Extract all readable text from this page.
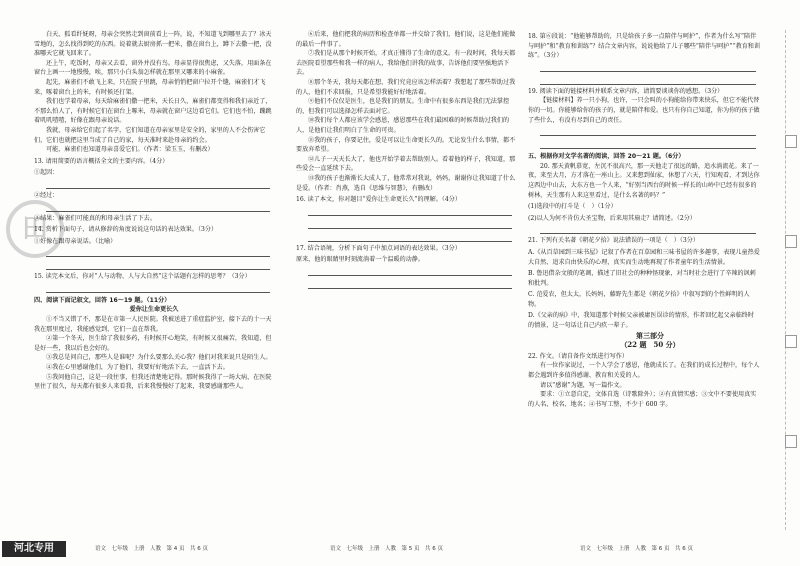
田

白天，狐看纤妩呀，母亲会突然走到窗前看上一阵，说，不知道飞到哪里去了？冰天雪地的，怎么找得到吃的东西。说着就去厨房抓一把米，撒在窗台上，蹲下去撒一把，没准哪天它就飞回来了。

还上午，吃饭时，母亲又去看，窗外并没有鸟。母亲显得很焦虑，又失落，用面条在窗台上画一一地慢慢，唉，那只小白头翁怎样就在那里又哪来的小麻雀。

起先，麻雀们不敢飞上来，只在院子里跳，母亲悄悄把窗户拉开个缝，麻雀们才飞来，啄着窗台上的米，有时候还打架。

我们也学着母亲，每天给麻雀们撒一把米，天长日久，麻雀们都变得和我们亲近了，不那么怕人了，有时候它们在窗台上啄米，母亲就在窗户这边看它们。它们也不怕，蹦跳着叽叽喳喳，好像在跟母亲说话。

我就，母亲给它们起了名字，它们知道在母亲家里是安全的，家里的人不会伤害它们，它们也就把这里当成了自己的家，每天准时来赴母亲的约会。

可能，麻雀们也知道母亲喜爱它们。（作者：梁玉玉，有删改）

13. 请用简要的语言概括全文的主要内容。（4分）

①起因：

②经过：

③结果：麻雀们可能真的和母亲生活了下去。

14. 赏析下面句子，请从修辞的角度说说这句话的表达效果。（3分）

①好像在跟母亲说话。（比喻）

15. 读完本文后，你对“人与动物、人与大自然”这个话题有怎样的思考？（3分）

四、阅读下面记叙文，回答 16～19 题。（11分）

爱你让生命更长久

①不当又错了不，那是在市第一人民医院。我被送进了重症监护室，接下去的十一天我在那里度过，我能感觉到，它们一直在帮我。

②第一个冬天，医生给了我很多药，有时候开心地笑，有时候又很痛苦，我知道，但是好一些，我以后也会好的。

③我总是问自己，那些人是谁呢？为什么要那么关心我？他们对我来说只是陌生人。

④我在心里感谢他们，为了他们，我要好好地活下去，一直活下去。

⑤我问他自己，这是一段往事，但我还清楚地记得。那时候我得了一场大病，在医院里住了很久，每天都有很多人来看我，后来我慢慢好了起来，我要感谢那些人。

⑥后来，他们把我的病历和检查单都一并交给了我们，他们说，这是他们能做的最后一件事了。

⑦我们是从那个时候开始，才真正懂得了生命的意义。有一段时间，我每天都去医院看望那些和我一样的病人，我给他们讲我的故事，告诉他们要坚强地活下去。

⑧那个冬天，我每天都在想，我们究竟应该怎样活着？我想起了那些帮助过我的人，他们不求回报，只是希望我能好好地活着。

⑨他们不仅仅是医生，也是我们的朋友。生命中有很多东西是我们无法掌控的，但我们可以选择怎样去面对它。

⑩我们每个人都应该学会感恩，感恩那些在我们最困难的时候帮助过我们的人，是他们让我们明白了生命的可贵。

⑪我的孩子，你要记住，爱是可以让生命更长久的。无论发生什么事情，都不要放弃希望。

⑫儿子一天天长大了，他也开始学着去帮助别人。看着他的样子，我知道，那些爱会一直延续下去。

⑬我的孩子也渐渐长大成人了，他常常对我说，妈妈，谢谢你让我知道了什么是爱。（作者：肖燕，选自《思维与智慧》，有删改）

16. 读了本文，你对题目“爱你让生命更长久”的理解。（4分）

17. 结合语境，分析下面句子中加点词语的表达效果。（3分）

原来，他的眼睛里时刻流淌着一个温暖的动静。

18. 第⑥段说：“他能够帮助的，只是给孩子多一点陪伴与呵护”，作者为什么写“陪伴与呵护”和“教育和训练”？结合文章内容，说说他给了儿子哪些“陪伴与呵护”“教育和训练”。（3分）

19. 阅读下面的链接材料并联系文章内容，请简要谈谈你的感想。（3分）

【链接材料】养一只小狗，也许，一只会叫的小狗能给你带来快乐，但它不能代替你的一切。你能够给你的孩子的，就是陪伴和爱。也只有你自己知道，你为你的孩子做了些什么，有没有尽到自己的责任。

五、根据你对文学名著的阅读，回答 20～21 题。（6分）

20. 那天黄帆慕宽，左沉不很高兴，那一天他走了很远的路，追水淌流花。来了一夜，来至大月，方才落在一座山上。又来想到仙家，休想了六天，行知观看，才到达你这西边中山去，大东方也一个人来，“好别当西台的时候一样长的山岭中已经有很多的树林，天生那有人来这里看过，是什么名著的吗？”

(1)选段中的打斗是（　）（1分）

(2)以人为何不肯仿大圣宝物，后来用其扇走？请简述。（2分）

21. 下列有关名著《朝花夕拾》说法错误的一项是（　）（3分）

A.《从百草园到三味书屋》记叙了作者在百草园和三味书屋的许多趣事，表现儿童热爱大自然、追求自由快乐的心理，真实而生动地再现了作者童年的生活情景。

B. 鲁迅借杂文般的笔调，描述了旧社会的种种怪现象，对当时社会进行了辛辣的讽刺和批判。

C. 范爱农，但太太，长妈妈，藤野先生都是《朝花夕拾》中叙写到的个性鲜明的人物。

D.《父亲的病》中，我知道那个时候父亲被庸医误诊的情形，作者回忆起父亲临终时的情景，这一句话让自己内疚一辈子。

第三部分

（22 题　50 分）

22. 作文。（请自备作文纸进行写作）

有一位作家说过，一个人学会了感恩，他就成长了。在我们的成长过程中，每个人都会遇到许多值得感谢、教育和关爱的人。

请以“感谢”为题，写一篇作文。

要求：①立意自定，文体自选（诗歌除外）；②有真情实感；③文中不要使用真实的人名、校名、地名；④书写工整，不少于 600 字。

河北专用	语文　七年级　上册　人教　第 4 页　共 6 页	语文　七年级　上册　人教　第 5 页　共 6 页	语文　七年级　上册　人教　第 6 页　共 6 页
